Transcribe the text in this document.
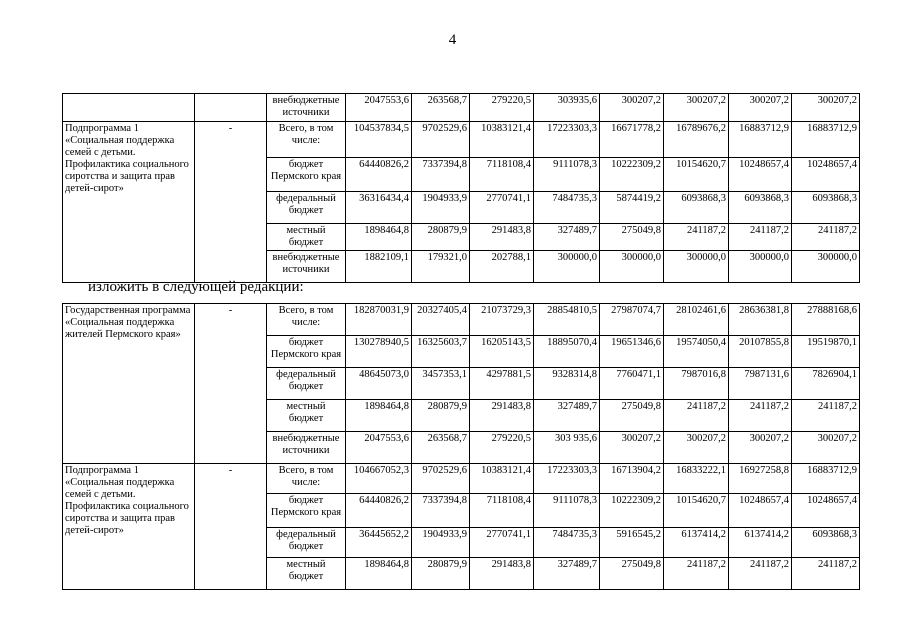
4
		внебюджетные источники	2047553,6	263568,7	279220,5	303935,6	300207,2	300207,2	300207,2	300207,2
Подпрограмма 1 «Социальная поддержка семей с детьми. Профилактика социального сиротства и защита прав детей-сирот»	-	Всего, в том числе:	104537834,5	9702529,6	10383121,4	17223303,3	16671778,2	16789676,2	16883712,9	16883712,9
		бюджет Пермского края	64440826,2	7337394,8	7118108,4	9111078,3	10222309,2	10154620,7	10248657,4	10248657,4
		федеральный бюджет	36316434,4	1904933,9	2770741,1	7484735,3	5874419,2	6093868,3	6093868,3	6093868,3
		местный бюджет	1898464,8	280879,9	291483,8	327489,7	275049,8	241187,2	241187,2	241187,2
		внебюджетные источники	1882109,1	179321,0	202788,1	300000,0	300000,0	300000,0	300000,0	300000,0
изложить в следующей редакции:
Государственная программа «Социальная поддержка жителей Пермского края»	-	Всего, в том числе:	182870031,9	20327405,4	21073729,3	28854810,5	27987074,7	28102461,6	28636381,8	27888168,6
		бюджет Пермского края	130278940,5	16325603,7	16205143,5	18895070,4	19651346,6	19574050,4	20107855,8	19519870,1
		федеральный бюджет	48645073,0	3457353,1	4297881,5	9328314,8	7760471,1	7987016,8	7987131,6	7826904,1
		местный бюджет	1898464,8	280879,9	291483,8	327489,7	275049,8	241187,2	241187,2	241187,2
		внебюджетные источники	2047553,6	263568,7	279220,5	303 935,6	300207,2	300207,2	300207,2	300207,2
Подпрограмма 1 «Социальная поддержка семей с детьми. Профилактика социального сиротства и защита прав детей-сирот»	-	Всего, в том числе:	104667052,3	9702529,6	10383121,4	17223303,3	16713904,2	16833222,1	16927258,8	16883712,9
		бюджет Пермского края	64440826,2	7337394,8	7118108,4	9111078,3	10222309,2	10154620,7	10248657,4	10248657,4
		федеральный бюджет	36445652,2	1904933,9	2770741,1	7484735,3	5916545,2	6137414,2	6137414,2	6093868,3
		местный бюджет	1898464,8	280879,9	291483,8	327489,7	275049,8	241187,2	241187,2	241187,2
